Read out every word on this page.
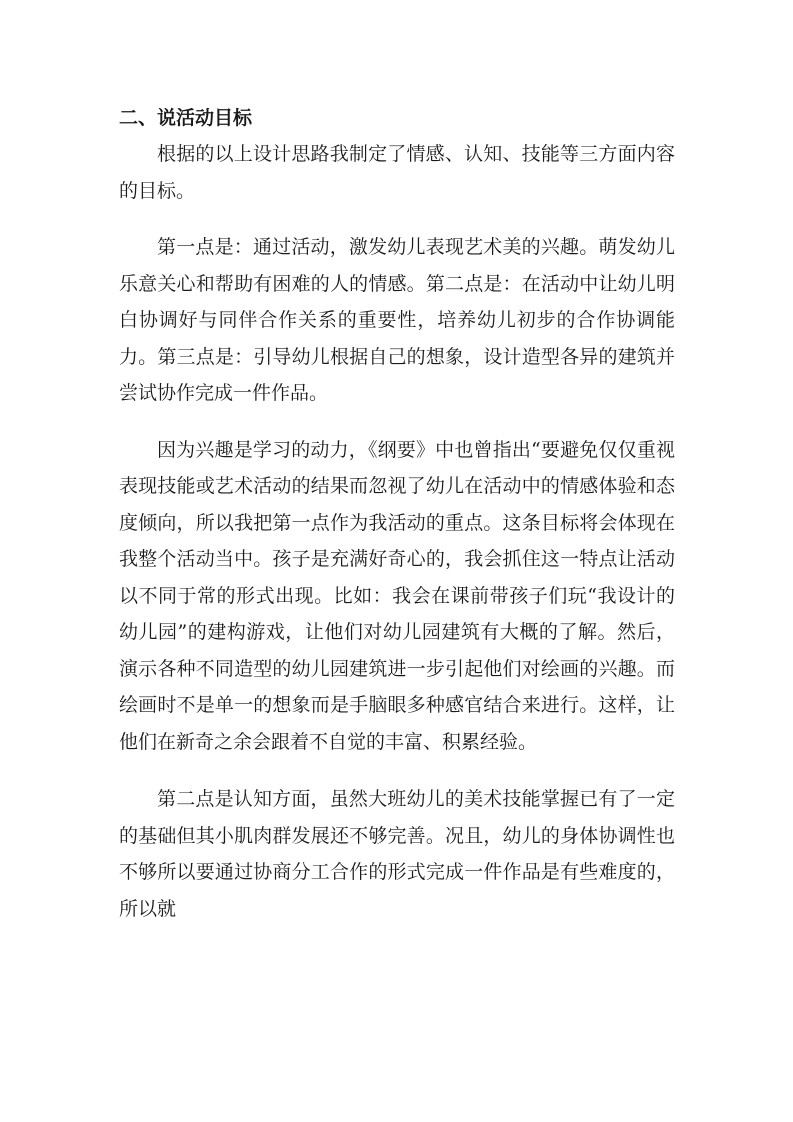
二、说活动目标

根据的以上设计思路我制定了情感、认知、技能等三方面内容的目标。

第一点是：通过活动，激发幼儿表现艺术美的兴趣。萌发幼儿乐意关心和帮助有困难的人的情感。第二点是：在活动中让幼儿明白协调好与同伴合作关系的重要性，培养幼儿初步的合作协调能力。第三点是：引导幼儿根据自己的想象，设计造型各异的建筑并尝试协作完成一件作品。

因为兴趣是学习的动力，《纲要》中也曾指出“要避免仅仅重视表现技能或艺术活动的结果而忽视了幼儿在活动中的情感体验和态度倾向，所以我把第一点作为我活动的重点。这条目标将会体现在我整个活动当中。孩子是充满好奇心的，我会抓住这一特点让活动以不同于常的形式出现。比如：我会在课前带孩子们玩“我设计的幼儿园”的建构游戏，让他们对幼儿园建筑有大概的了解。然后，演示各种不同造型的幼儿园建筑进一步引起他们对绘画的兴趣。而绘画时不是单一的想象而是手脑眼多种感官结合来进行。这样，让他们在新奇之余会跟着不自觉的丰富、积累经验。

第二点是认知方面，虽然大班幼儿的美术技能掌握已有了一定的基础但其小肌肉群发展还不够完善。况且，幼儿的身体协调性也不够所以要通过协商分工合作的形式完成一件作品是有些难度的，所以就
